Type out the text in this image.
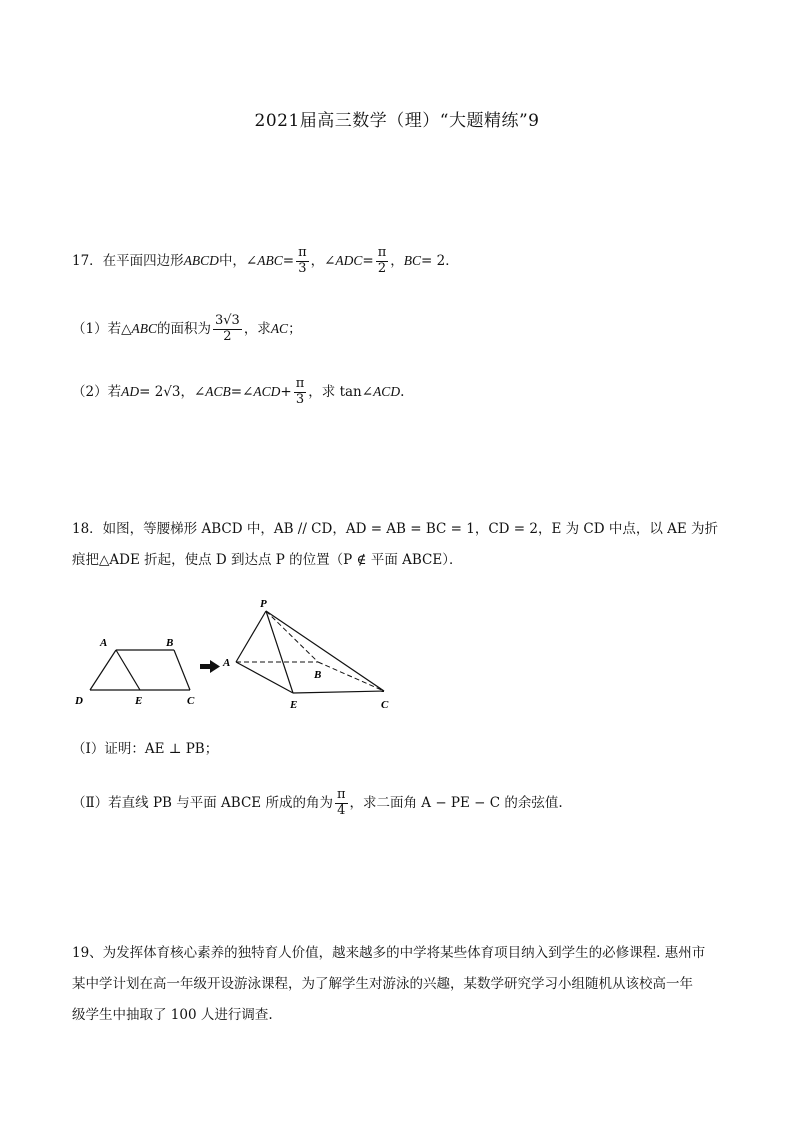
2021届高三数学（理）“大题精练”9
17．在平面四边形ABCD中，∠ABC= $\frac{\pi}{3}$ ，∠ADC= $\frac{\pi}{2}$ ，BC= 2．
（1）若△ABC的面积为 $\frac{3√3}{2}$ ，求AC；
（2）若AD= 2√3，∠ACB=∠ACD+ $\frac{\pi}{3}$ ，求 tan∠ACD.
18．如图，等腰梯形 ABCD 中，AB // CD，AD = AB = BC = 1，CD = 2，E 为 CD 中点，以 AE 为折
痕把△ADE 折起，使点 D 到达点 P 的位置（P ∉ 平面 ABCE）．
A	B
D	E	C
P
A
B
E	C
（Ⅰ）证明：AE ⊥ PB；
（Ⅱ）若直线 PB 与平面 ABCE 所成的角为 $\frac{\pi}{4}$ ，求二面角 A − PE − C 的余弦值.
19、为发挥体育核心素养的独特育人价值，越来越多的中学将某些体育项目纳入到学生的必修课程. 惠州市
某中学计划在高一年级开设游泳课程，为了解学生对游泳的兴趣，某数学研究学习小组随机从该校高一年
级学生中抽取了 100 人进行调查.
